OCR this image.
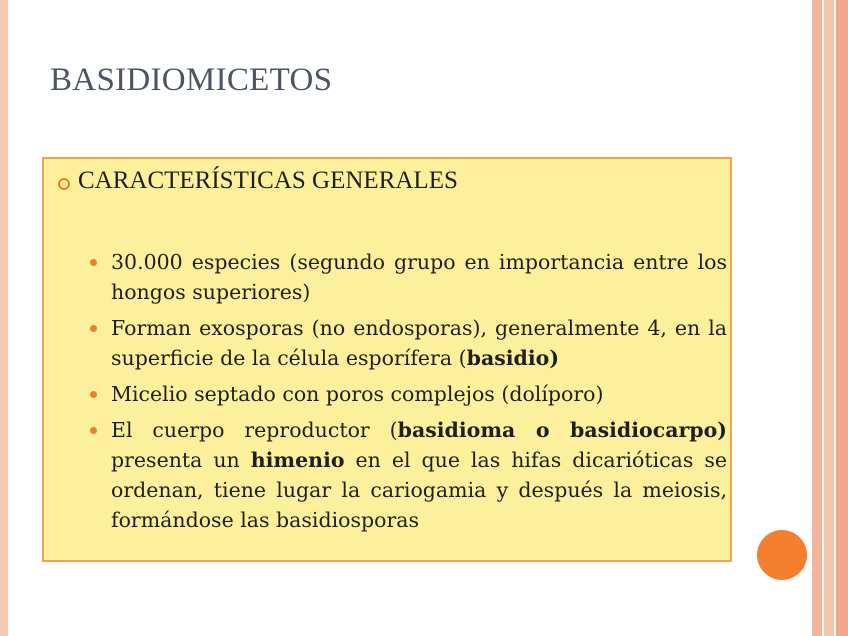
BASIDIOMICETOS
CARACTERÍSTICAS GENERALES
30.000 especies (segundo grupo en importancia entre los hongos superiores)
Forman exosporas (no endosporas), generalmente 4, en la superficie de la célula esporífera (basidio)
Micelio septado con poros complejos (dolíporo)
El cuerpo reproductor (basidioma o basidiocarpo) presenta un himenio en el que las hifas dicarióticas se ordenan, tiene lugar la cariogamia y después la meiosis, formándose las basidiosporas
